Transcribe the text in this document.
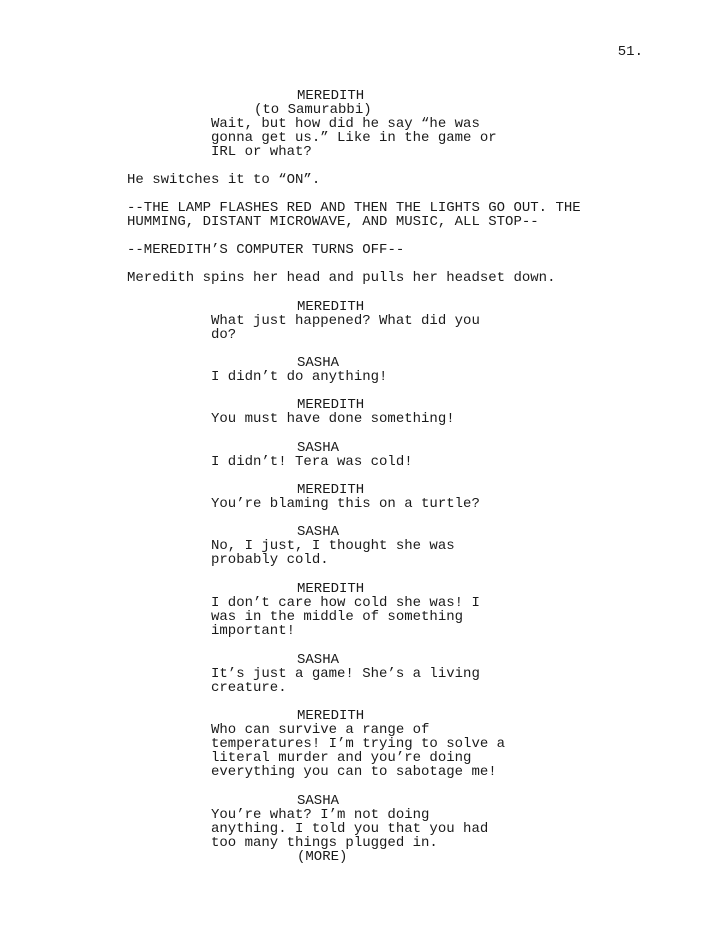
51.
MEREDITH
(to Samurabbi)
Wait, but how did he say “he was
gonna get us.” Like in the game or
IRL or what?
He switches it to “ON”.
--THE LAMP FLASHES RED AND THEN THE LIGHTS GO OUT. THE
HUMMING, DISTANT MICROWAVE, AND MUSIC, ALL STOP--
--MEREDITH’S COMPUTER TURNS OFF--
Meredith spins her head and pulls her headset down.
MEREDITH
What just happened? What did you
do?
SASHA
I didn’t do anything!
MEREDITH
You must have done something!
SASHA
I didn’t! Tera was cold!
MEREDITH
You’re blaming this on a turtle?
SASHA
No, I just, I thought she was
probably cold.
MEREDITH
I don’t care how cold she was! I
was in the middle of something
important!
SASHA
It’s just a game! She’s a living
creature.
MEREDITH
Who can survive a range of
temperatures! I’m trying to solve a
literal murder and you’re doing
everything you can to sabotage me!
SASHA
You’re what? I’m not doing
anything. I told you that you had
too many things plugged in.
(MORE)
